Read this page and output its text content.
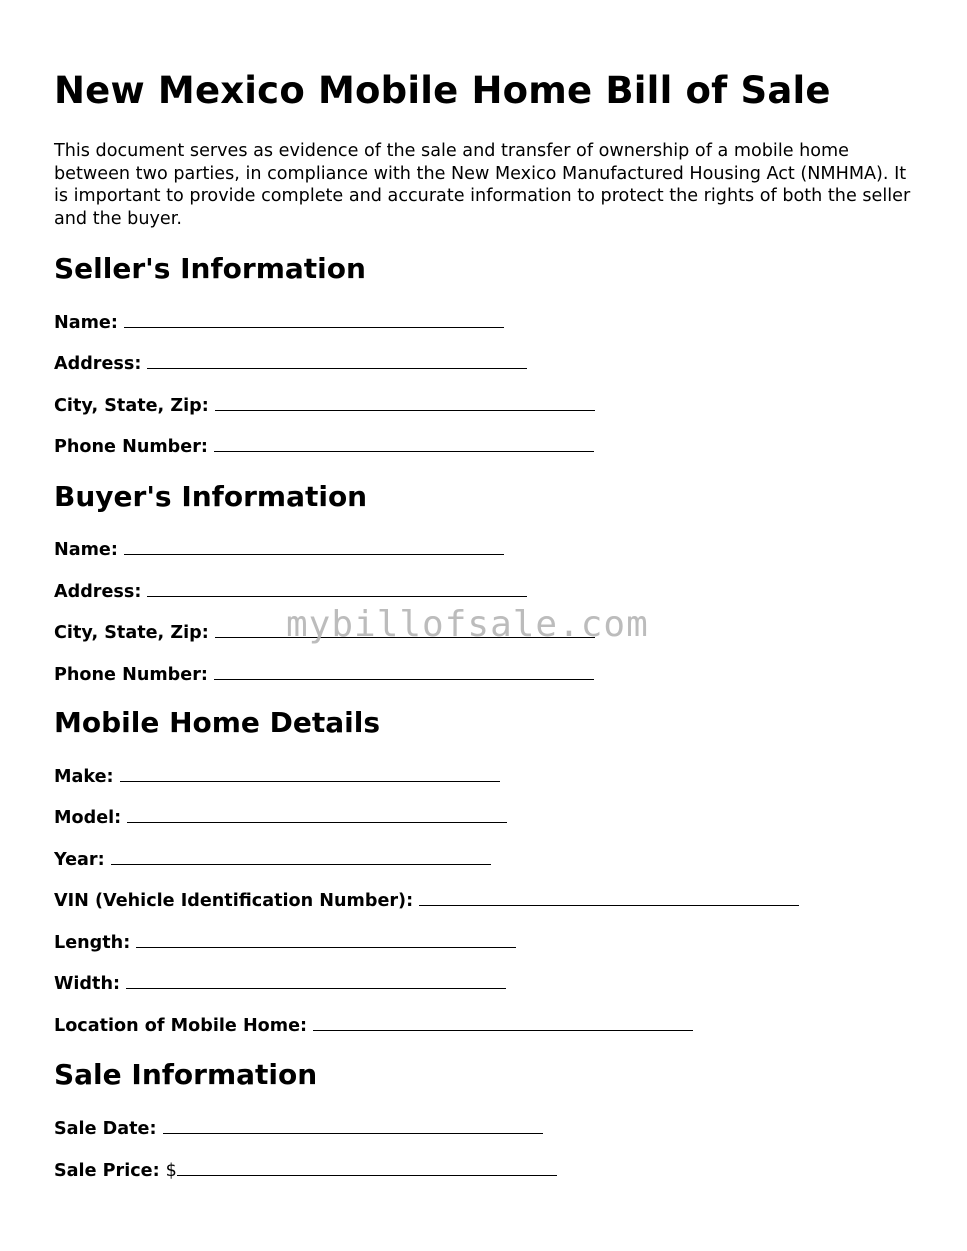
New Mexico Mobile Home Bill of Sale

This document serves as evidence of the sale and transfer of ownership of a mobile home between two parties, in compliance with the New Mexico Manufactured Housing Act (NMHMA). It is important to provide complete and accurate information to protect the rights of both the seller and the buyer.

Seller's Information
Name:
Address:
City, State, Zip:
Phone Number:
Buyer's Information
Name:
Address:
City, State, Zip:
Phone Number:
Mobile Home Details
Make:
Model:
Year:
VIN (Vehicle Identification Number):
Length:
Width:
Location of Mobile Home:
Sale Information
Sale Date:
Sale Price: $
mybillofsale.com
